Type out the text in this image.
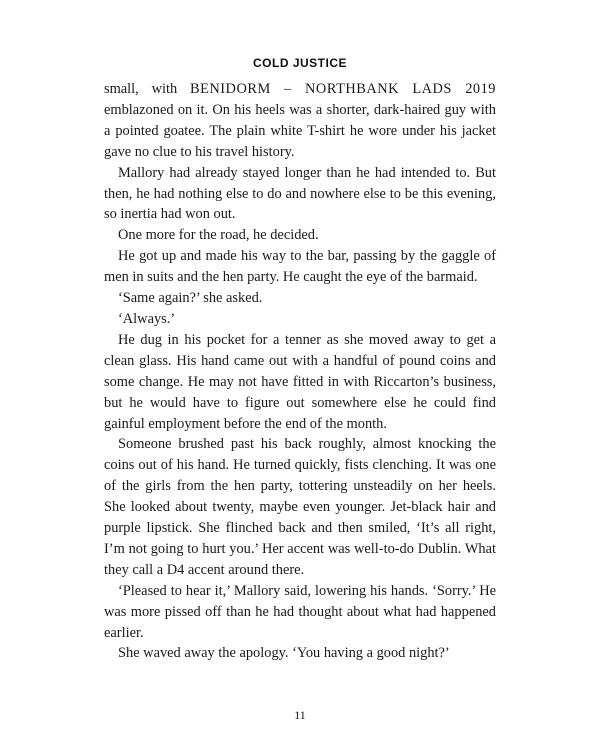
COLD JUSTICE

small, with BENIDORM – NORTHBANK LADS 2019 emblazoned on it. On his heels was a shorter, dark-haired guy with a pointed goatee. The plain white T-shirt he wore under his jacket gave no clue to his travel history.

Mallory had already stayed longer than he had intended to. But then, he had nothing else to do and nowhere else to be this evening, so inertia had won out.

One more for the road, he decided.

He got up and made his way to the bar, passing by the gaggle of men in suits and the hen party. He caught the eye of the barmaid.

‘Same again?’ she asked.

‘Always.’

He dug in his pocket for a tenner as she moved away to get a clean glass. His hand came out with a handful of pound coins and some change. He may not have fitted in with Riccarton’s business, but he would have to figure out somewhere else he could find gainful employment before the end of the month.

Someone brushed past his back roughly, almost knocking the coins out of his hand. He turned quickly, fists clenching. It was one of the girls from the hen party, tottering unsteadily on her heels. She looked about twenty, maybe even younger. Jet-black hair and purple lipstick. She flinched back and then smiled, ‘It’s all right, I’m not going to hurt you.’ Her accent was well-to-do Dublin. What they call a D4 accent around there.

‘Pleased to hear it,’ Mallory said, lowering his hands. ‘Sorry.’ He was more pissed off than he had thought about what had happened earlier.

She waved away the apology. ‘You having a good night?’

11
